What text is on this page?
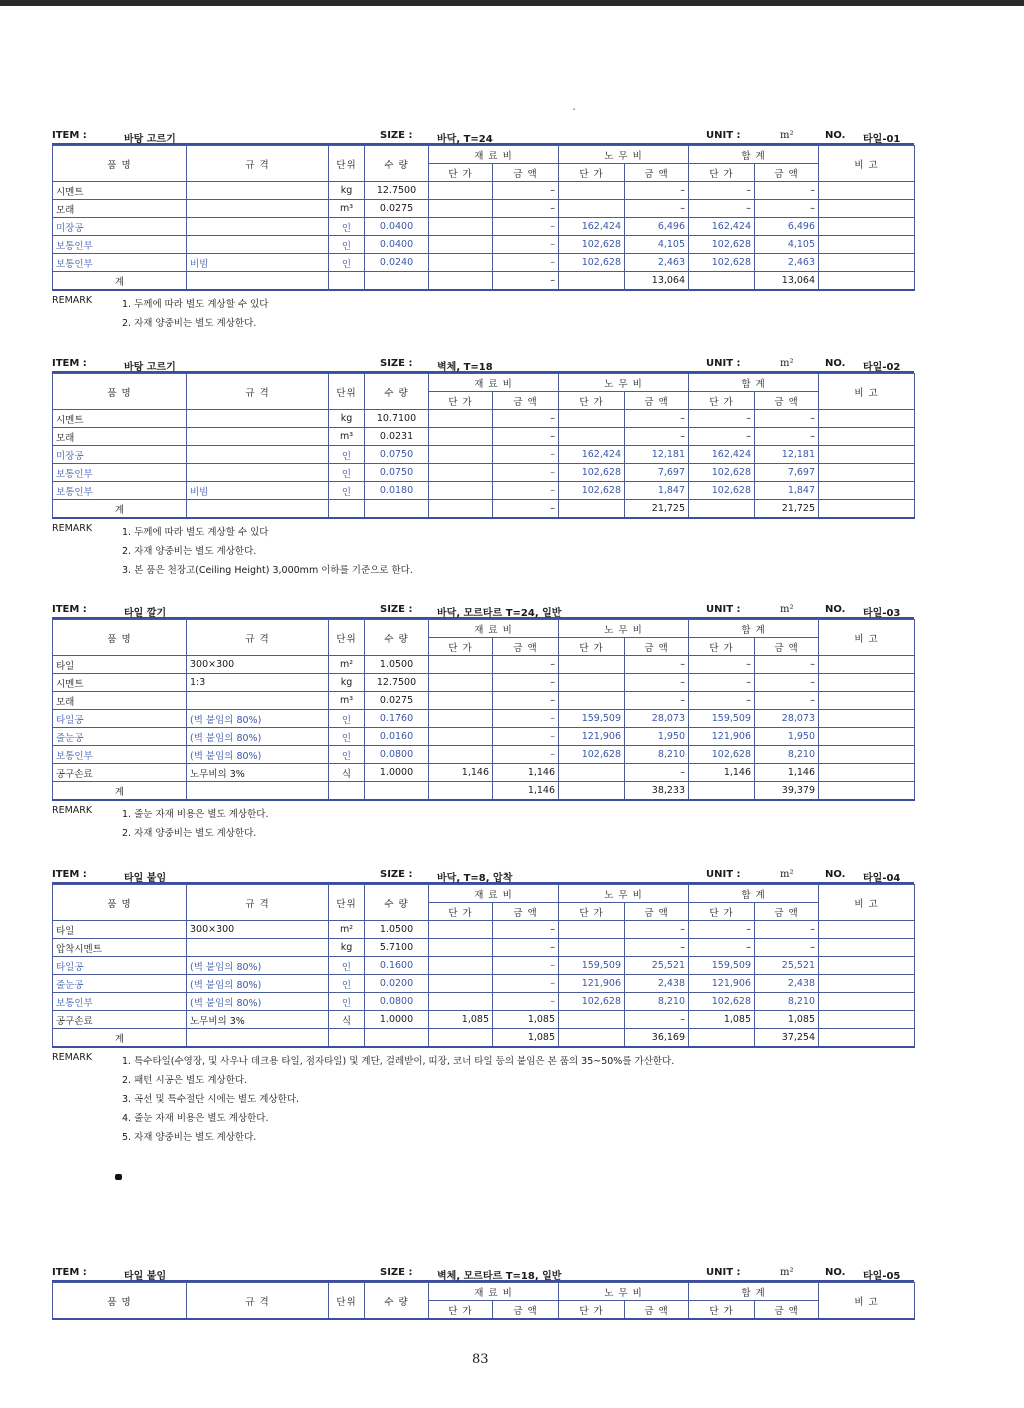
ˇ
ITEM :	바탕 고르기	SIZE : 바닥, T=24	UNIT :	m²	NO. 타일-01
품 명	규 격	단위	수 량	재 료 비		노 무 비		합 계		비 고
				단 가	금 액	단 가	금 액	단 가	금 액	
시멘트		kg	12.7500		–		–	–	–	
모래		m³	0.0275		–		–	–	–	
미장공		인	0.0400		–	162,424	6,496	162,424	6,496	
보통인부		인	0.0400		–	102,628	4,105	102,628	4,105	
보통인부	비빔	인	0.0240		–	102,628	2,463	102,628	2,463	
계					–		13,064		13,064	
REMARK	1. 두께에 따라 별도 계상할 수 있다
2. 자재 양중비는 별도 계상한다.
ITEM :	바탕 고르기	SIZE : 벽체, T=18	UNIT :	m²	NO. 타일-02
품 명	규 격	단위	수 량	재 료 비		노 무 비		합 계		비 고
				단 가	금 액	단 가	금 액	단 가	금 액	
시멘트		kg	10.7100		–		–	–	–	
모래		m³	0.0231		–		–	–	–	
미장공		인	0.0750		–	162,424	12,181	162,424	12,181	
보통인부		인	0.0750		–	102,628	7,697	102,628	7,697	
보통인부	비빔	인	0.0180		–	102,628	1,847	102,628	1,847	
계					–		21,725		21,725	
REMARK	1. 두께에 따라 별도 계상할 수 있다
2. 자재 양중비는 별도 계상한다.
3. 본 품은 천장고(Ceiling Height) 3,000mm 이하를 기준으로 한다.
ITEM :	타일 깔기	SIZE : 바닥, 모르타르 T=24, 일반	UNIT :	m²	NO. 타일-03
품 명	규 격	단위	수 량	재 료 비		노 무 비		합 계		비 고
				단 가	금 액	단 가	금 액	단 가	금 액	
타일	300×300	m²	1.0500		–		–	–	–	
시멘트	1:3	kg	12.7500		–		–	–	–	
모래		m³	0.0275		–		–	–	–	
타일공	(벽 붙임의 80%)	인	0.1760		–	159,509	28,073	159,509	28,073	
줄눈공	(벽 붙임의 80%)	인	0.0160		–	121,906	1,950	121,906	1,950	
보통인부	(벽 붙임의 80%)	인	0.0800		–	102,628	8,210	102,628	8,210	
공구손료	노무비의 3%	식	1.0000	1,146	1,146		–	1,146	1,146	
계					1,146		38,233		39,379	
REMARK	1. 줄눈 자재 비용은 별도 계상한다.
2. 자재 양중비는 별도 계상한다.
ITEM :	타일 붙임	SIZE : 바닥, T=8, 압착	UNIT :	m²	NO. 타일-04
품 명	규 격	단위	수 량	재 료 비		노 무 비		합 계		비 고
				단 가	금 액	단 가	금 액	단 가	금 액	
타일	300×300	m²	1.0500		–		–	–	–	
압착시멘트		kg	5.7100		–		–	–	–	
타일공	(벽 붙임의 80%)	인	0.1600		–	159,509	25,521	159,509	25,521	
줄눈공	(벽 붙임의 80%)	인	0.0200		–	121,906	2,438	121,906	2,438	
보통인부	(벽 붙임의 80%)	인	0.0800		–	102,628	8,210	102,628	8,210	
공구손료	노무비의 3%	식	1.0000	1,085	1,085		–	1,085	1,085	
계					1,085		36,169		37,254	
REMARK	1. 특수타일(수영장, 및 사우나 데크용 타일, 점자타일) 및 계단, 걸레받이, 띠장, 코너 타일 등의 붙임은 본 품의 35~50%를 가산한다.
2. 패턴 시공은 별도 계상한다.
3. 곡선 및 특수절단 시에는 별도 계상한다.
4. 줄눈 자재 비용은 별도 계상한다.
5. 자재 양중비는 별도 계상한다.
ITEM :	타일 붙임	SIZE : 벽체, 모르타르 T=18, 일반	UNIT :	m²	NO. 타일-05
품 명	규 격	단위	수 량	재 료 비		노 무 비		합 계		비 고
				단 가	금 액	단 가	금 액	단 가	금 액	
83
